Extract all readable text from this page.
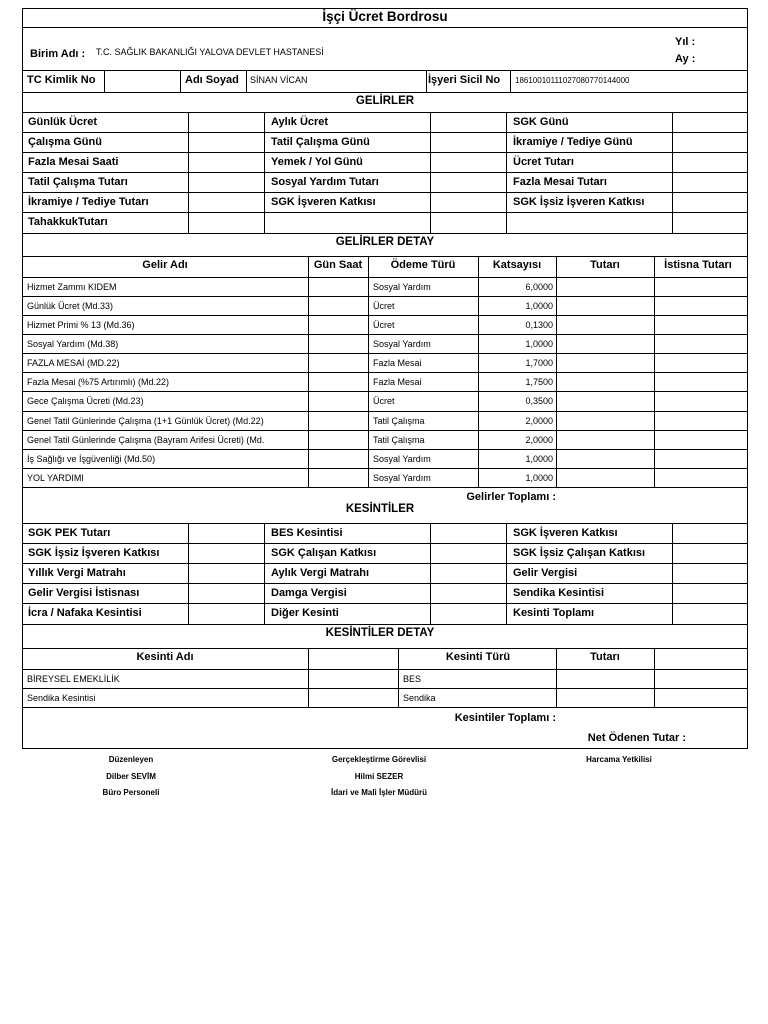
İşçi Ücret Bordrosu
Birim Adı : T.C. SAĞLIK BAKANLIĞI YALOVA DEVLET HASTANESİ
Yıl :
Ay :
TC Kimlik No	Adı Soyad SİNAN VİCAN	İşyeri Sicil No 18610010111027080770144000
GELİRLER
Günlük Ücret	Aylık Ücret	SGK Günü
Çalışma Günü	Tatil Çalışma Günü	İkramiye / Tediye Günü
Fazla Mesai Saati	Yemek / Yol Günü	Ücret Tutarı
Tatil Çalışma Tutarı	Sosyal Yardım Tutarı	Fazla Mesai Tutarı
İkramiye / Tediye Tutarı	SGK İşveren Katkısı	SGK İşsiz İşveren Katkısı
TahakkukTutarı
GELİRLER DETAY
Gelir Adı	Gün Saat	Ödeme Türü	Katsayısı	Tutarı	İstisna Tutarı
Hizmet Zammı KIDEM	Sosyal Yardım	6,0000
Günlük Ücret (Md.33)	Ücret	1,0000
Hizmet Primi % 13 (Md.36)	Ücret	0,1300
Sosyal Yardım (Md.38)	Sosyal Yardım	1,0000
FAZLA MESAİ (MD.22)	Fazla Mesai	1,7000
Fazla Mesai (%75 Artırımlı) (Md.22)	Fazla Mesai	1,7500
Gece Çalışma Ücreti (Md.23)	Ücret	0,3500
Genel Tatil Günlerinde Çalışma (1+1 Günlük Ücret) (Md.22)	Tatil Çalışma	2,0000
Genel Tatil Günlerinde Çalışma (Bayram Arifesi Ücreti) (Md.	Tatil Çalışma	2,0000
İş Sağlığı ve İşgüvenliği (Md.50)	Sosyal Yardım	1,0000
YOL YARDIMI	Sosyal Yardım	1,0000
Gelirler Toplamı :
KESİNTİLER
SGK PEK Tutarı	BES Kesintisi	SGK İşveren Katkısı
SGK İşsiz İşveren Katkısı	SGK Çalışan Katkısı	SGK İşsiz Çalışan Katkısı
Yıllık Vergi Matrahı	Aylık Vergi Matrahı	Gelir Vergisi
Gelir Vergisi İstisnası	Damga Vergisi	Sendika Kesintisi
İcra / Nafaka Kesintisi	Diğer Kesinti	Kesinti Toplamı
KESİNTİLER DETAY
Kesinti Adı	Kesinti Türü	Tutarı
BİREYSEL EMEKLİLİK	BES
Sendika Kesintisi	Sendika
Kesintiler Toplamı :
Net Ödenen Tutar :
Düzenleyen
Dilber SEVİM
Büro Personeli
Gerçekleştirme Görevlisi
Hilmi SEZER
İdari ve Mali İşler Müdürü
Harcama Yetkilisi
